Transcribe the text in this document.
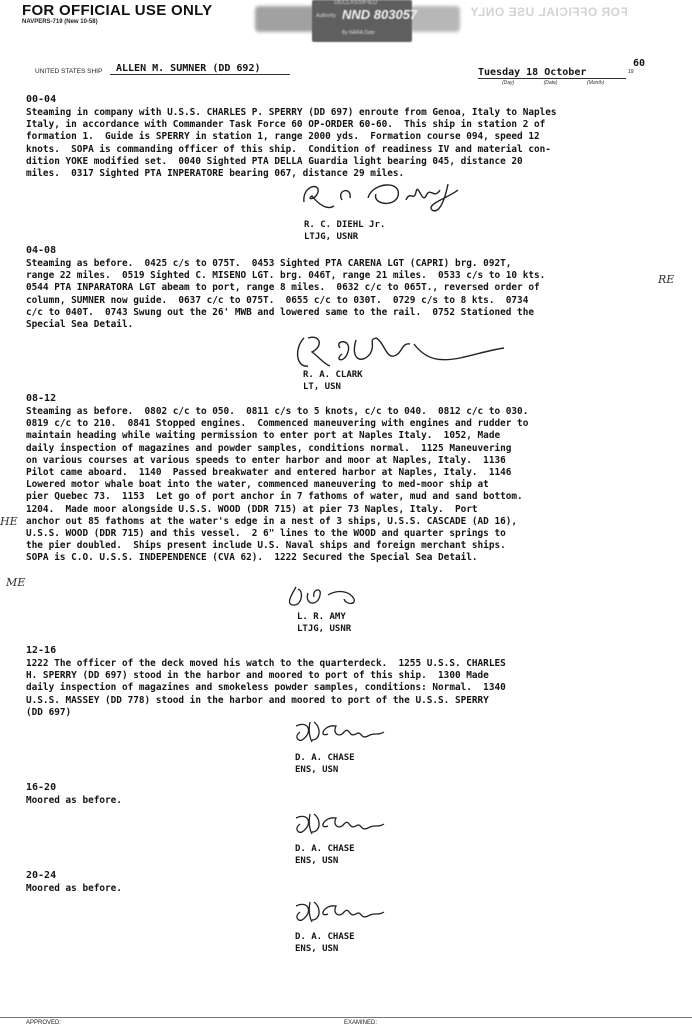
FOR OFFICIAL USE ONLY
NAVPERS-719 (New 10-58)
FOR OFFICIAL USE ONLY
DECLASSIFIED
Authority NND 803057
By NARA Date
UNITED STATES SHIP	ALLEN M. SUMNER (DD 692)	Tuesday 18 October	19
60
(Day)	(Date)	(Month)
00-04
Steaming in company with U.S.S. CHARLES P. SPERRY (DD 697) enroute from Genoa, Italy to Naples
Italy, in accordance with Commander Task Force 60 OP-ORDER 60-60.  This ship in station 2 of
formation 1.  Guide is SPERRY in station 1, range 2000 yds.  Formation course 094, speed 12
knots.  SOPA is commanding officer of this ship.  Condition of readiness IV and material con-
dition YOKE modified set.  0040 Sighted PTA DELLA Guardia light bearing 045, distance 20
miles.  0317 Sighted PTA INPERATORE bearing 067, distance 29 miles.
R. C. DIEHL Jr.
LTJG, USNR
04-08
Steaming as before.  0425 c/s to 075T.  0453 Sighted PTA CARENA LGT (CAPRI) brg. 092T,
range 22 miles.  0519 Sighted C. MISENO LGT. brg. 046T, range 21 miles.  0533 c/s to 10 kts.
0544 PTA INPARATORA LGT abeam to port, range 8 miles.  0632 c/c to 065T., reversed order of
column, SUMNER now guide.  0637 c/c to 075T.  0655 c/c to 030T.  0729 c/s to 8 kts.  0734
c/c to 040T.  0743 Swung out the 26' MWB and lowered same to the rail.  0752 Stationed the
Special Sea Detail.
R. A. CLARK
LT, USN
08-12
Steaming as before.  0802 c/c to 050.  0811 c/s to 5 knots, c/c to 040.  0812 c/c to 030.
0819 c/c to 210.  0841 Stopped engines.  Commenced maneuvering with engines and rudder to
maintain heading while waiting permission to enter port at Naples Italy.  1052, Made
daily inspection of magazines and powder samples, conditions normal.  1125 Maneuvering
on various courses at various speeds to enter harbor and moor at Naples, Italy.  1136
Pilot came aboard.  1140  Passed breakwater and entered harbor at Naples, Italy.  1146
Lowered motor whale boat into the water, commenced maneuvering to med-moor ship at
pier Quebec 73.  1153  Let go of port anchor in 7 fathoms of water, mud and sand bottom.
1204.  Made moor alongside U.S.S. WOOD (DDR 715) at pier 73 Naples, Italy.  Port
anchor out 85 fathoms at the water's edge in a nest of 3 ships, U.S.S. CASCADE (AD 16),
U.S.S. WOOD (DDR 715) and this vessel.  2 6" lines to the WOOD and quarter springs to
the pier doubled.  Ships present include U.S. Naval ships and foreign merchant ships.
SOPA is C.O. U.S.S. INDEPENDENCE (CVA 62).  1222 Secured the Special Sea Detail.
L. R. AMY
LTJG, USNR
12-16
1222 The officer of the deck moved his watch to the quarterdeck.  1255 U.S.S. CHARLES
H. SPERRY (DD 697) stood in the harbor and moored to port of this ship.  1300 Made
daily inspection of magazines and smokeless powder samples, conditions: Normal.  1340
U.S.S. MASSEY (DD 778) stood in the harbor and moored to port of the U.S.S. SPERRY
(DD 697)
D. A. CHASE
ENS, USN
16-20
Moored as before.
D. A. CHASE
ENS, USN
20-24
Moored as before.
D. A. CHASE
ENS, USN
RE
HE
ME
APPROVED:	EXAMINED:
